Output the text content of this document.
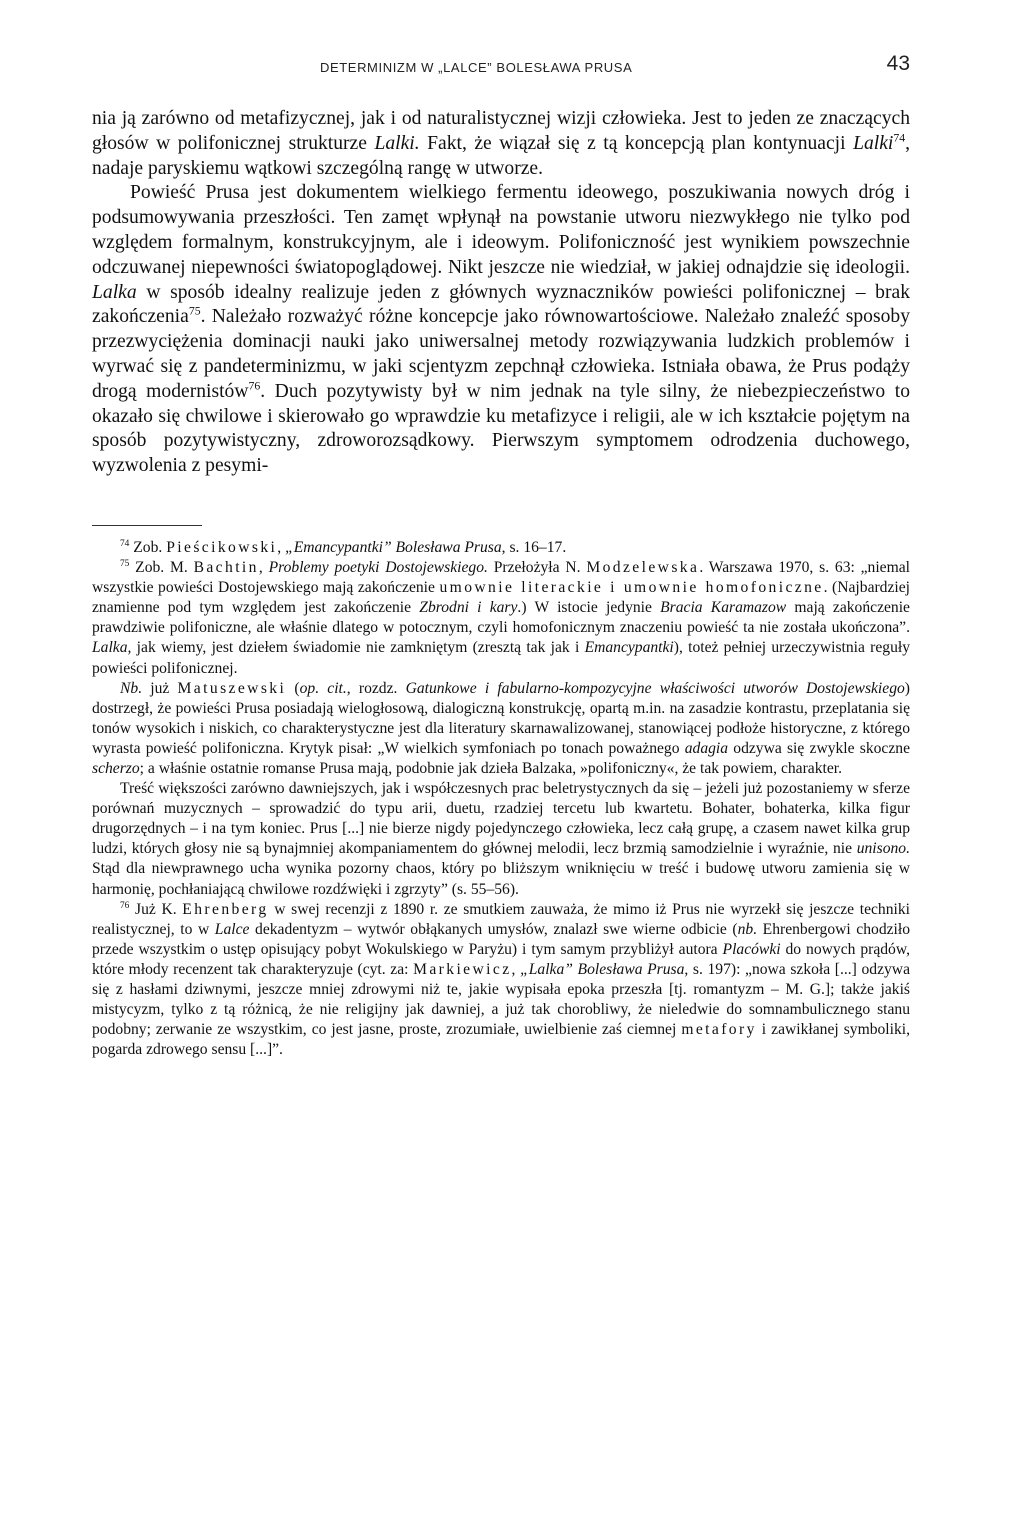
DETERMINIZM W „LALCE” BOLESŁAWA PRUSA	43

nia ją zarówno od metafizycznej, jak i od naturalistycznej wizji człowieka. Jest to jeden ze znaczących głosów w polifonicznej strukturze Lalki. Fakt, że wiązał się z tą koncepcją plan kontynuacji Lalki$^{74}$, nadaje paryskiemu wątkowi szczególną rangę w utworze.

Powieść Prusa jest dokumentem wielkiego fermentu ideowego, poszukiwania nowych dróg i podsumowywania przeszłości. Ten zamęt wpłynął na powstanie utworu niezwykłego nie tylko pod względem formalnym, konstrukcyjnym, ale i ideowym. Polifoniczność jest wynikiem powszechnie odczuwanej niepewności światopoglądowej. Nikt jeszcze nie wiedział, w jakiej odnajdzie się ideologii. Lalka w sposób idealny realizuje jeden z głównych wyznaczników powieści polifonicznej – brak zakończenia$^{75}$. Należało rozważyć różne koncepcje jako równowartościowe. Należało znaleźć sposoby przezwyciężenia dominacji nauki jako uniwersalnej metody rozwiązywania ludzkich problemów i wyrwać się z pandeterminizmu, w jaki scjentyzm zepchnął człowieka. Istniała obawa, że Prus podąży drogą modernistów$^{76}$. Duch pozytywisty był w nim jednak na tyle silny, że niebezpieczeństwo to okazało się chwilowe i skierowało go wprawdzie ku metafizyce i religii, ale w ich kształcie pojętym na sposób pozytywistyczny, zdroworozsądkowy. Pierwszym symptomem odrodzenia duchowego, wyzwolenia z pesymi-

$^{74}$ Zob. Pieścikowski, „Emancypantki” Bolesława Prusa, s. 16–17.

$^{75}$ Zob. M. Bachtin, Problemy poetyki Dostojewskiego. Przełożyła N. Modzelewska. Warszawa 1970, s. 63: „niemal wszystkie powieści Dostojewskiego mają zakończenie umownie literackie i umownie homofoniczne. (Najbardziej znamienne pod tym względem jest zakończenie Zbrodni i kary.) W istocie jedynie Bracia Karamazow mają zakończenie prawdziwie polifoniczne, ale właśnie dlatego w potocznym, czyli homofonicznym znaczeniu powieść ta nie została ukończona”. Lalka, jak wiemy, jest dziełem świadomie nie zamkniętym (zresztą tak jak i Emancypantki), toteż pełniej urzeczywistnia reguły powieści polifonicznej.

Nb. już Matuszewski (op. cit., rozdz. Gatunkowe i fabularno-kompozycyjne właściwości utworów Dostojewskiego) dostrzegł, że powieści Prusa posiadają wielogłosową, dialogiczną konstrukcję, opartą m.in. na zasadzie kontrastu, przeplatania się tonów wysokich i niskich, co charakterystyczne jest dla literatury skarnawalizowanej, stanowiącej podłoże historyczne, z którego wyrasta powieść polifoniczna. Krytyk pisał: „W wielkich symfoniach po tonach poważnego adagia odzywa się zwykle skoczne scherzo; a właśnie ostatnie romanse Prusa mają, podobnie jak dzieła Balzaka, »polifoniczny«, że tak powiem, charakter.

Treść większości zarówno dawniejszych, jak i współczesnych prac beletrystycznych da się – jeżeli już pozostaniemy w sferze porównań muzycznych – sprowadzić do typu arii, duetu, rzadziej tercetu lub kwartetu. Bohater, bohaterka, kilka figur drugorzędnych – i na tym koniec. Prus [...] nie bierze nigdy pojedynczego człowieka, lecz całą grupę, a czasem nawet kilka grup ludzi, których głosy nie są bynajmniej akompaniamentem do głównej melodii, lecz brzmią samodzielnie i wyraźnie, nie unisono. Stąd dla niewprawnego ucha wynika pozorny chaos, który po bliższym wniknięciu w treść i budowę utworu zamienia się w harmonię, pochłaniającą chwilowe rozdźwięki i zgrzyty” (s. 55–56).

$^{76}$ Już K. Ehrenberg w swej recenzji z 1890 r. ze smutkiem zauważa, że mimo iż Prus nie wyrzekł się jeszcze techniki realistycznej, to w Lalce dekadentyzm – wytwór obłąkanych umysłów, znalazł swe wierne odbicie (nb. Ehrenbergowi chodziło przede wszystkim o ustęp opisujący pobyt Wokulskiego w Paryżu) i tym samym przybliżył autora Placówki do nowych prądów, które młody recenzent tak charakteryzuje (cyt. za: Markiewicz, „Lalka” Bolesława Prusa, s. 197): „nowa szkoła [...] odzywa się z hasłami dziwnymi, jeszcze mniej zdrowymi niż te, jakie wypisała epoka przeszła [tj. romantyzm – M. G.]; także jakiś mistycyzm, tylko z tą różnicą, że nie religijny jak dawniej, a już tak chorobliwy, że nieledwie do somnambulicznego stanu podobny; zerwanie ze wszystkim, co jest jasne, proste, zrozumiałe, uwielbienie zaś ciemnej metafory i zawikłanej symboliki, pogarda zdrowego sensu [...]”.
